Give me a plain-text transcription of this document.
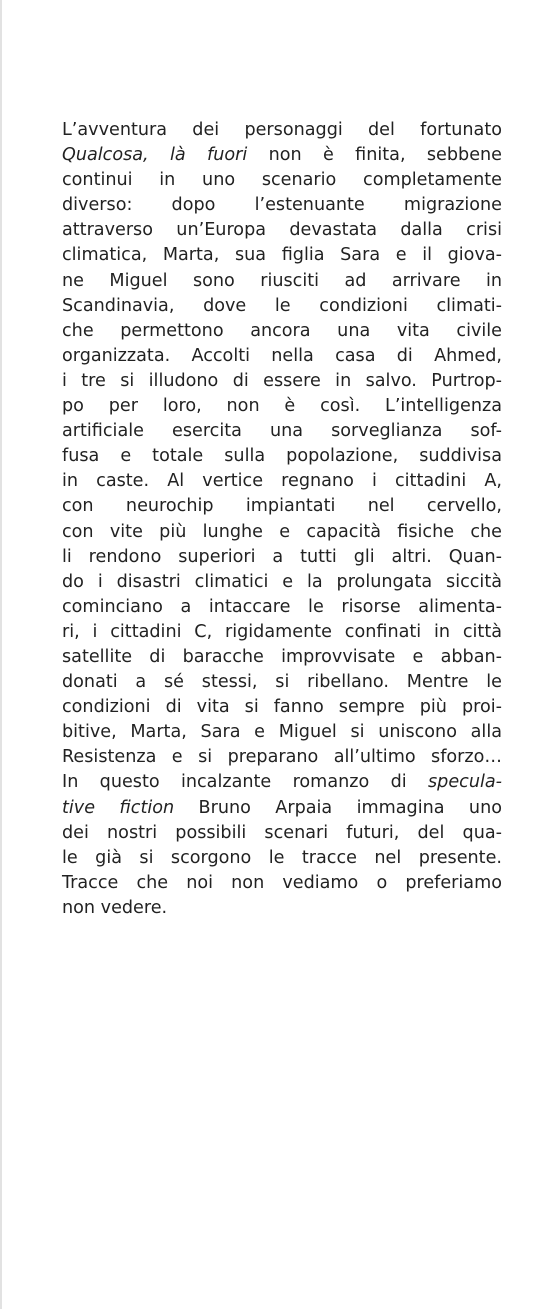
L’avventura dei personaggi del fortunato
Qualcosa, là fuori non è finita, sebbene
continui in uno scenario completamente
diverso: dopo l’estenuante migrazione
attraverso un’Europa devastata dalla crisi
climatica, Marta, sua figlia Sara e il giova-
ne Miguel sono riusciti ad arrivare in
Scandinavia, dove le condizioni climati-
che permettono ancora una vita civile
organizzata. Accolti nella casa di Ahmed,
i tre si illudono di essere in salvo. Purtrop-
po per loro, non è così. L’intelligenza
artificiale esercita una sorveglianza sof-
fusa e totale sulla popolazione, suddivisa
in caste. Al vertice regnano i cittadini A,
con neurochip impiantati nel cervello,
con vite più lunghe e capacità fisiche che
li rendono superiori a tutti gli altri. Quan-
do i disastri climatici e la prolungata siccità
cominciano a intaccare le risorse alimenta-
ri, i cittadini C, rigidamente confinati in città
satellite di baracche improvvisate e abban-
donati a sé stessi, si ribellano. Mentre le
condizioni di vita si fanno sempre più proi-
bitive, Marta, Sara e Miguel si uniscono alla
Resistenza e si preparano all’ultimo sforzo…
In questo incalzante romanzo di specula-
tive fiction Bruno Arpaia immagina uno
dei nostri possibili scenari futuri, del qua-
le già si scorgono le tracce nel presente.
Tracce che noi non vediamo o preferiamo
non vedere.
